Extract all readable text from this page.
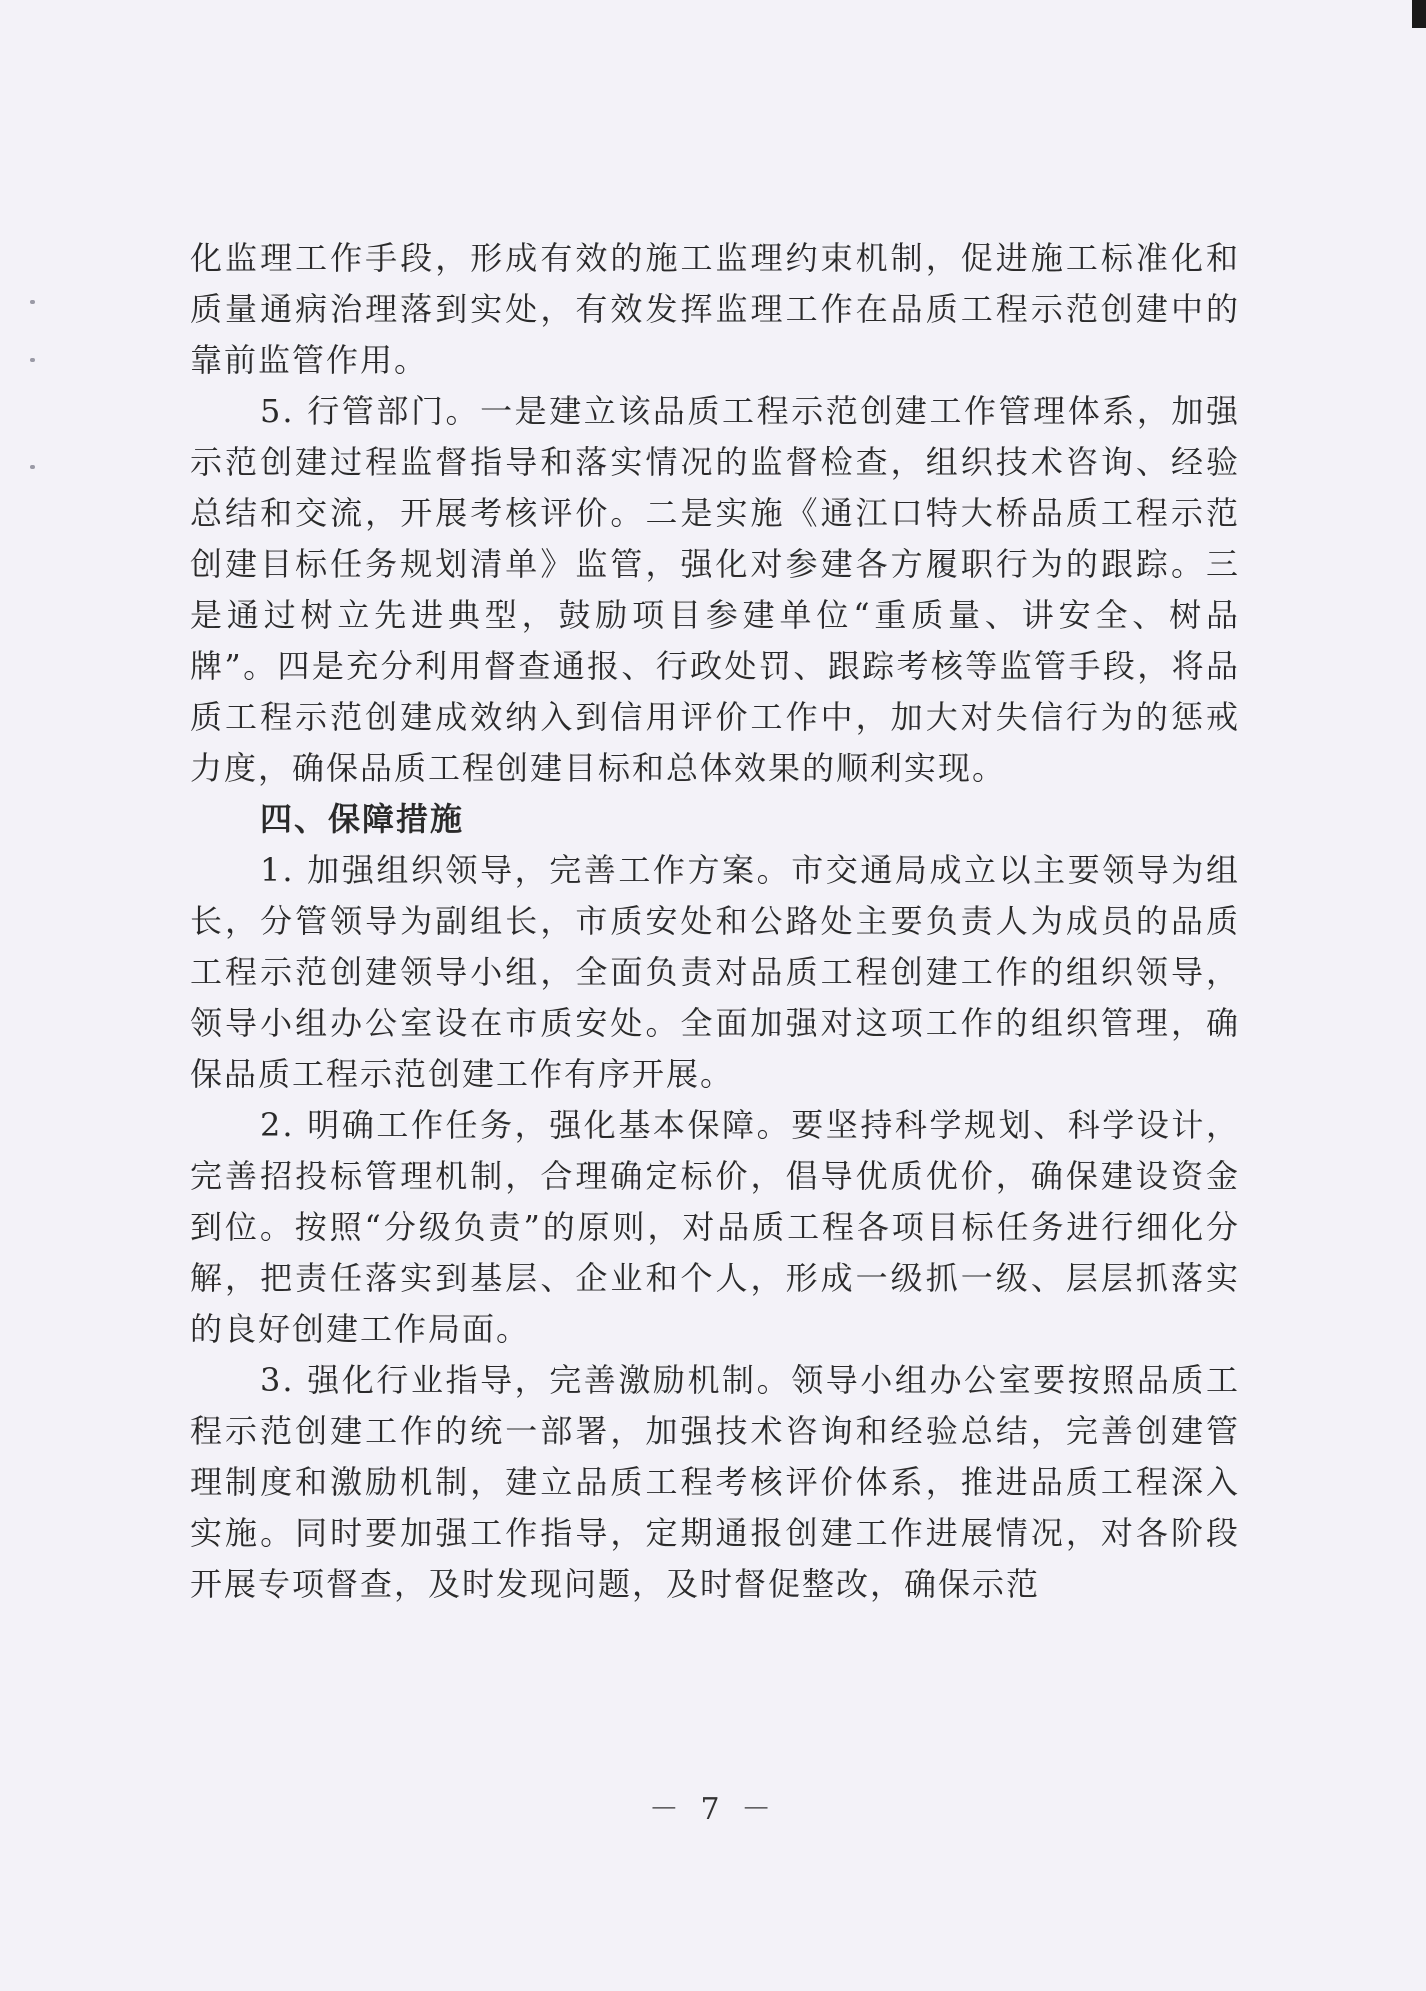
化监理工作手段，形成有效的施工监理约束机制，促进施工标准化和质量通病治理落到实处，有效发挥监理工作在品质工程示范创建中的靠前监管作用。

5. 行管部门。一是建立该品质工程示范创建工作管理体系，加强示范创建过程监督指导和落实情况的监督检查，组织技术咨询、经验总结和交流，开展考核评价。二是实施《通江口特大桥品质工程示范创建目标任务规划清单》监管，强化对参建各方履职行为的跟踪。三是通过树立先进典型，鼓励项目参建单位“重质量、讲安全、树品牌”。四是充分利用督查通报、行政处罚、跟踪考核等监管手段，将品质工程示范创建成效纳入到信用评价工作中，加大对失信行为的惩戒力度，确保品质工程创建目标和总体效果的顺利实现。

四、保障措施

1. 加强组织领导，完善工作方案。市交通局成立以主要领导为组长，分管领导为副组长，市质安处和公路处主要负责人为成员的品质工程示范创建领导小组，全面负责对品质工程创建工作的组织领导，领导小组办公室设在市质安处。全面加强对这项工作的组织管理，确保品质工程示范创建工作有序开展。

2. 明确工作任务，强化基本保障。要坚持科学规划、科学设计，完善招投标管理机制，合理确定标价，倡导优质优价，确保建设资金到位。按照“分级负责”的原则，对品质工程各项目标任务进行细化分解，把责任落实到基层、企业和个人，形成一级抓一级、层层抓落实的良好创建工作局面。

3. 强化行业指导，完善激励机制。领导小组办公室要按照品质工程示范创建工作的统一部署，加强技术咨询和经验总结，完善创建管理制度和激励机制，建立品质工程考核评价体系，推进品质工程深入实施。同时要加强工作指导，定期通报创建工作进展情况，对各阶段开展专项督查，及时发现问题，及时督促整改，确保示范

－ 7 －
